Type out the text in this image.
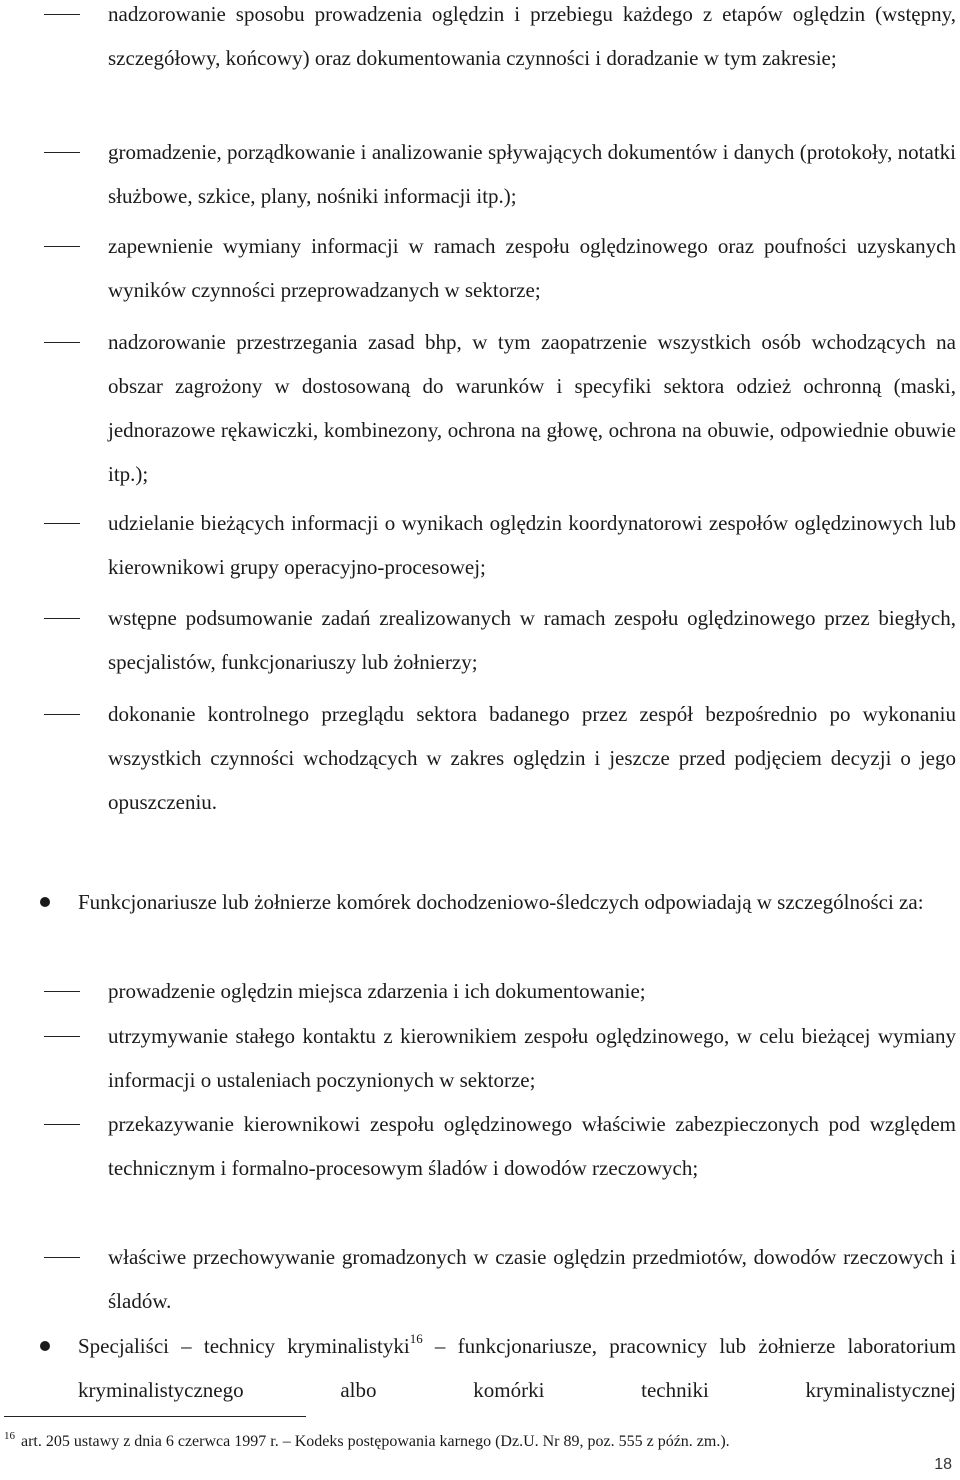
nadzorowanie sposobu prowadzenia oględzin i przebiegu każdego z etapów oględzin (wstępny, szczegółowy, końcowy) oraz dokumentowania czynności i doradzanie w tym zakresie;
gromadzenie, porządkowanie i analizowanie spływających dokumentów i danych (protokoły, notatki służbowe, szkice, plany, nośniki informacji itp.);
zapewnienie wymiany informacji w ramach zespołu oględzinowego oraz poufności uzyskanych wyników czynności przeprowadzanych w sektorze;
nadzorowanie przestrzegania zasad bhp, w tym zaopatrzenie wszystkich osób wchodzących na obszar zagrożony w dostosowaną do warunków i specyfiki sektora odzież ochronną (maski, jednorazowe rękawiczki, kombinezony, ochrona na głowę, ochrona na obuwie, odpowiednie obuwie itp.);
udzielanie bieżących informacji o wynikach oględzin koordynatorowi zespołów oględzinowych lub kierownikowi grupy operacyjno-procesowej;
wstępne podsumowanie zadań zrealizowanych w ramach zespołu oględzinowego przez biegłych, specjalistów, funkcjonariuszy lub żołnierzy;
dokonanie kontrolnego przeglądu sektora badanego przez zespół bezpośrednio po wykonaniu wszystkich czynności wchodzących w zakres oględzin i jeszcze przed podjęciem decyzji o jego opuszczeniu.
Funkcjonariusze lub żołnierze komórek dochodzeniowo-śledczych odpowiadają w szczególności za:
prowadzenie oględzin miejsca zdarzenia i ich dokumentowanie;
utrzymywanie stałego kontaktu z kierownikiem zespołu oględzinowego, w celu bieżącej wymiany informacji o ustaleniach poczynionych w sektorze;
przekazywanie kierownikowi zespołu oględzinowego właściwie zabezpieczonych pod względem technicznym i formalno-procesowym śladów i dowodów rzeczowych;
właściwe przechowywanie gromadzonych w czasie oględzin przedmiotów, dowodów rzeczowych i śladów.
Specjaliści – technicy kryminalistyki$^{16}$ – funkcjonariusze, pracownicy lub żołnierze laboratorium kryminalistycznego albo komórki techniki kryminalistycznej
$^{16}$ art. 205 ustawy z dnia 6 czerwca 1997 r. – Kodeks postępowania karnego (Dz.U. Nr 89, poz. 555 z późn. zm.).
18
